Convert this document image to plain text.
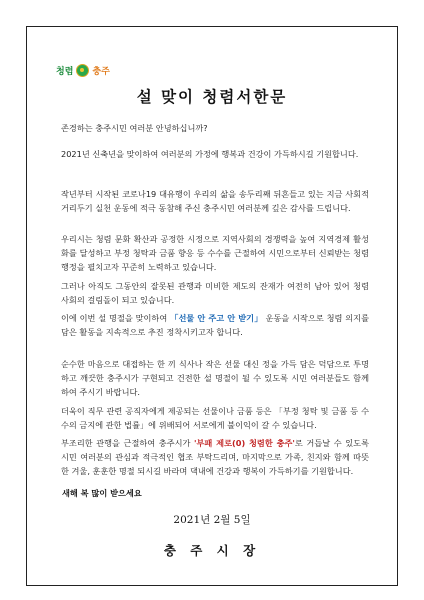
청렴 충주
설 맞이 청렴서한문

존경하는 충주시민 여러분 안녕하십니까?

2021년 신축년을 맞이하여 여러분의 가정에 행복과 건강이 가득하시길 기원합니다.

작년부터 시작된 코로나19 대유행이 우리의 삶을 송두리째 뒤흔들고 있는 지금 사회적 거리두기 실천 운동에 적극 동참해 주신 충주시민 여러분께 깊은 감사를 드립니다.

우리시는 청렴 문화 확산과 공정한 시정으로 지역사회의 경쟁력을 높여 지역경제 활성화를 달성하고 부정 청탁과 금품 향응 등 수수를 근절하여 시민으로부터 신뢰받는 청렴 행정을 펼치고자 꾸준히 노력하고 있습니다.

그러나 아직도 그동안의 잘못된 관행과 미비한 제도의 잔재가 여전히 남아 있어 청렴 사회의 걸림돌이 되고 있습니다.

이에 이번 설 명절을 맞이하여 「선물 안 주고 안 받기」 운동을 시작으로 청렴 의지를 담은 활동을 지속적으로 추진 정착시키고자 합니다.

순수한 마음으로 대접하는 한 끼 식사나 작은 선물 대신 정을 가득 담은 덕담으로 투명하고 깨끗한 충주시가 구현되고 건전한 설 명절이 될 수 있도록 시민 여러분들도 함께하여 주시기 바랍니다.

더욱이 직무 관련 공직자에게 제공되는 선물이나 금품 등은 「부정 청탁 및 금품 등 수수의 금지에 관한 법률」에 위배되어 서로에게 불이익이 갈 수 있습니다.

부조리한 관행을 근절하여 충주시가 '부패 제로(0) 청렴한 충주'로 거듭날 수 있도록 시민 여러분의 관심과 적극적인 협조 부탁드리며, 마지막으로 가족, 친지와 함께 따뜻한 겨울, 훈훈한 명절 되시길 바라며 댁내에 건강과 행복이 가득하기를 기원합니다.

새해 복 많이 받으세요
2021년 2월 5일
충 주 시 장
